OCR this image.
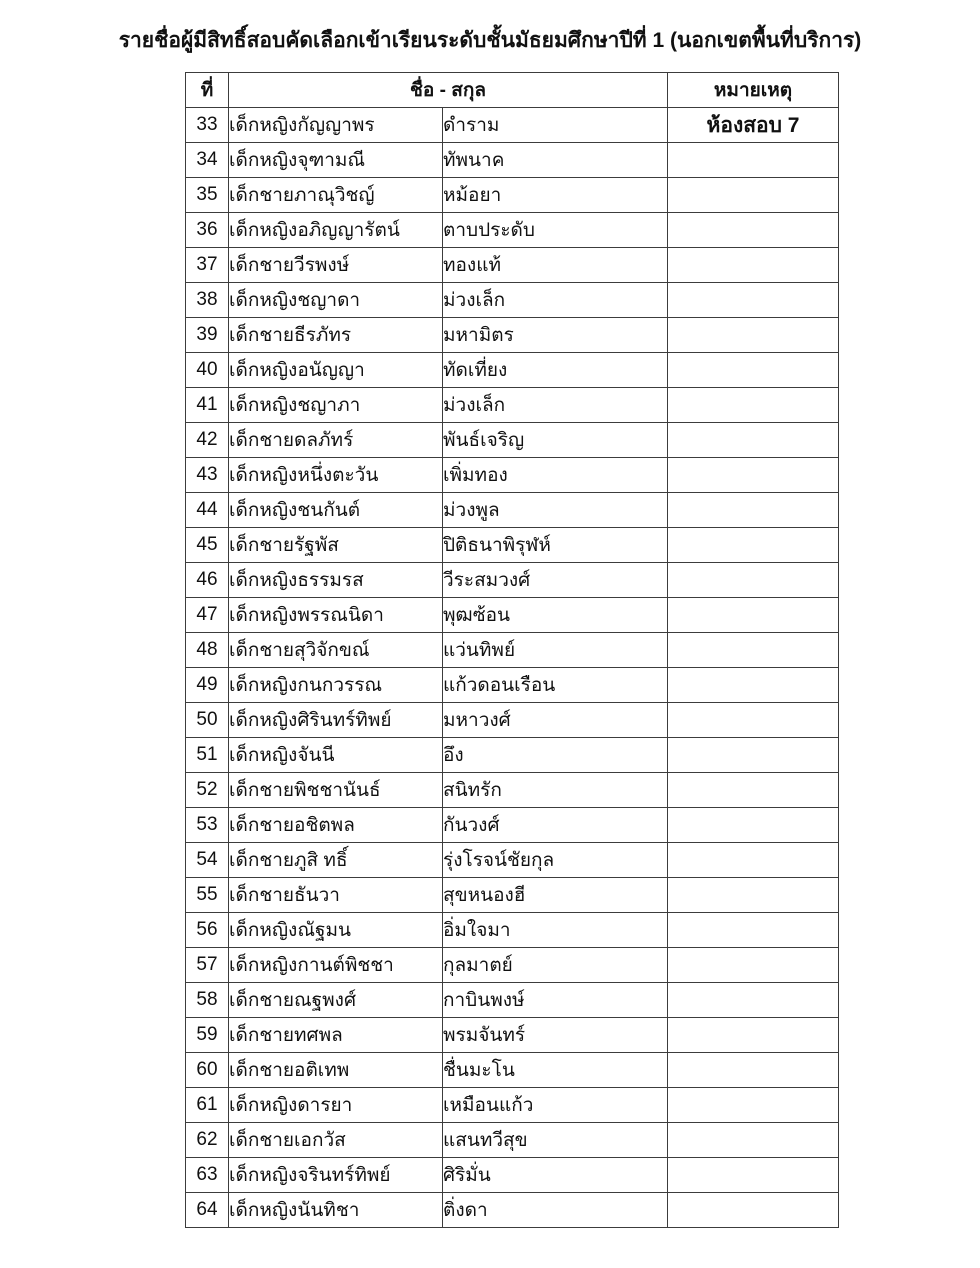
รายชื่อผู้มีสิทธิ์สอบคัดเลือกเข้าเรียนระดับชั้นมัธยมศึกษาปีที่ 1 (นอกเขตพื้นที่บริการ)
ที่	ชื่อ - สกุล		หมายเหตุ
33	เด็กหญิงกัญญาพร	ดำราม	ห้องสอบ 7
34	เด็กหญิงจุฑามณี	ทัพนาค	
35	เด็กชายภาณุวิชญ์	หม้อยา	
36	เด็กหญิงอภิญญารัตน์	ตาบประดับ	
37	เด็กชายวีรพงษ์	ทองแท้	
38	เด็กหญิงชญาดา	ม่วงเล็ก	
39	เด็กชายธีรภัทร	มหามิตร	
40	เด็กหญิงอนัญญา	ทัดเที่ยง	
41	เด็กหญิงชญาภา	ม่วงเล็ก	
42	เด็กชายดลภัทร์	พันธ์เจริญ	
43	เด็กหญิงหนึ่งตะวัน	เพิ่มทอง	
44	เด็กหญิงชนกันต์	ม่วงพูล	
45	เด็กชายรัฐพัส	ปิติธนาพิรุฬห์	
46	เด็กหญิงธรรมรส	วีระสมวงศ์	
47	เด็กหญิงพรรณนิดา	พุฒซ้อน	
48	เด็กชายสุวิจักขณ์	แว่นทิพย์	
49	เด็กหญิงกนกวรรณ	แก้วดอนเรือน	
50	เด็กหญิงศิรินทร์ทิพย์	มหาวงศ์	
51	เด็กหญิงจันนี	อึง	
52	เด็กชายพิชชานันธ์	สนิทรัก	
53	เด็กชายอชิตพล	กันวงศ์	
54	เด็กชายภูสิ ทธิ์	รุ่งโรจน์ชัยกุล	
55	เด็กชายธันวา	สุขหนองฮี	
56	เด็กหญิงณัฐมน	อิ่มใจมา	
57	เด็กหญิงกานต์พิชชา	กุลมาตย์	
58	เด็กชายณฐพงศ์	กาบินพงษ์	
59	เด็กชายทศพล	พรมจันทร์	
60	เด็กชายอติเทพ	ชื่นมะโน	
61	เด็กหญิงดารยา	เหมือนแก้ว	
62	เด็กชายเอกวัส	แสนทวีสุข	
63	เด็กหญิงจรินทร์ทิพย์	ศิริมั่น	
64	เด็กหญิงนันทิชา	ติ่งดา	
